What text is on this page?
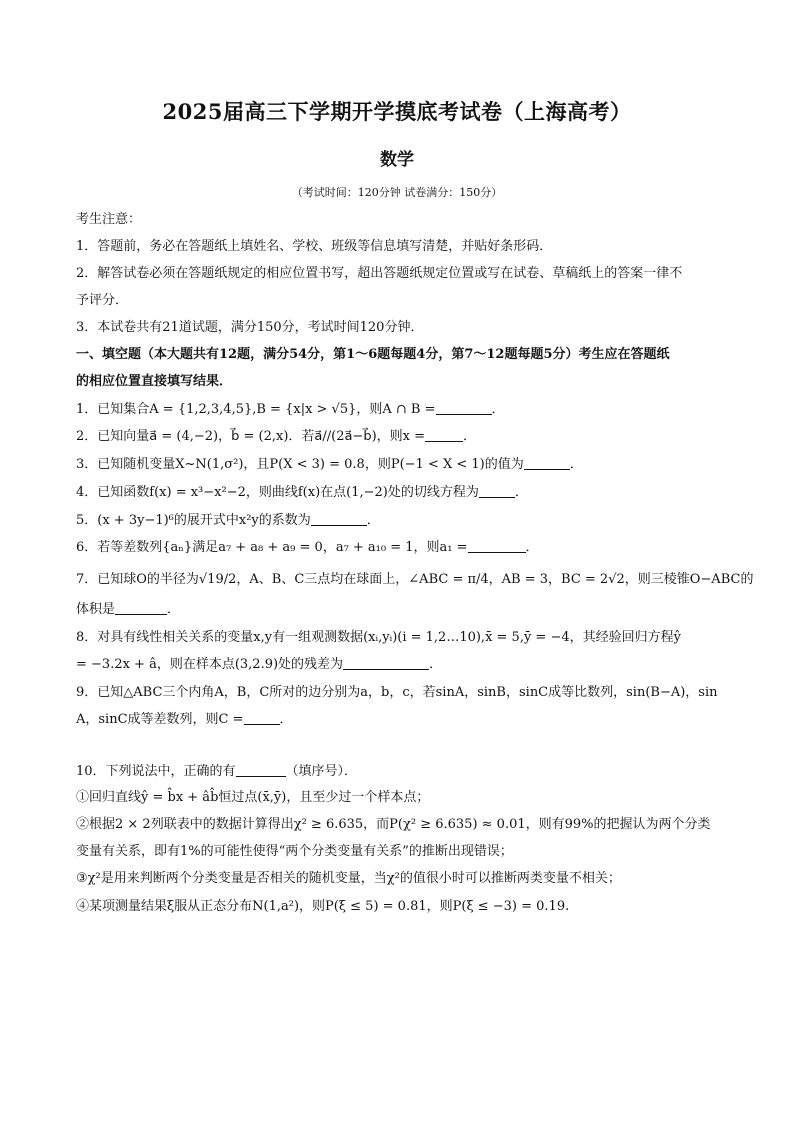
2025届高三下学期开学摸底考试卷（上海高考）
数学
（考试时间：120分钟 试卷满分：150分）
考生注意：
1．答题前，务必在答题纸上填姓名、学校、班级等信息填写清楚，并贴好条形码．
2．解答试卷必须在答题纸规定的相应位置书写，超出答题纸规定位置或写在试卷、草稿纸上的答案一律不
予评分．
3．本试卷共有21道试题，满分150分，考试时间120分钟．
一、填空题（本大题共有12题，满分54分，第1～6题每题4分，第7～12题每题5分）考生应在答题纸
的相应位置直接填写结果．
1．已知集合A = {1,2,3,4,5},B = {x|x > √5}，则A ∩ B =	．
2．已知向量a⃗ = (4,−2)，b⃗ = (2,x)．若a⃗//(2a⃗−b⃗)，则x =	．
3．已知随机变量X~N(1,σ²)，且P(X < 3) = 0.8，则P(−1 < X < 1)的值为	．
4．已知函数f(x) = x³−x²−2，则曲线f(x)在点(1,−2)处的切线方程为	．
5．(x + 3y−1)⁶的展开式中x²y的系数为	．
6．若等差数列{aₙ}满足a₇ + a₈ + a₉ = 0，a₇ + a₁₀ = 1，则a₁ =	．
7．已知球O的半径为√19/2，A、B、C三点均在球面上，∠ABC = π/4，AB = 3，BC = 2√2，则三棱锥O−ABC的
体积是	．
8．对具有线性相关关系的变量x,y有一组观测数据(xᵢ,yᵢ)(i = 1,2…10),x̄ = 5,ȳ = −4，其经验回归方程ŷ
= −3.2x + â，则在样本点(3,2.9)处的残差为	．
9．已知△ABC三个内角A，B，C所对的边分别为a，b，c，若sinA，sinB，sinC成等比数列，sin(B−A)，sin
A，sinC成等差数列，则C =	．
10．下列说法中，正确的有	（填序号）．
①回归直线ŷ = b̂x + âb̂恒过点(x̄,ȳ)，且至少过一个样本点；
②根据2 × 2列联表中的数据计算得出χ² ≥ 6.635，而P(χ² ≥ 6.635) ≈ 0.01，则有99%的把握认为两个分类
变量有关系，即有1%的可能性使得“两个分类变量有关系”的推断出现错误；
③χ²是用来判断两个分类变量是否相关的随机变量，当χ²的值很小时可以推断两类变量不相关；
④某项测量结果ξ服从正态分布N(1,a²)，则P(ξ ≤ 5) = 0.81，则P(ξ ≤ −3) = 0.19.
